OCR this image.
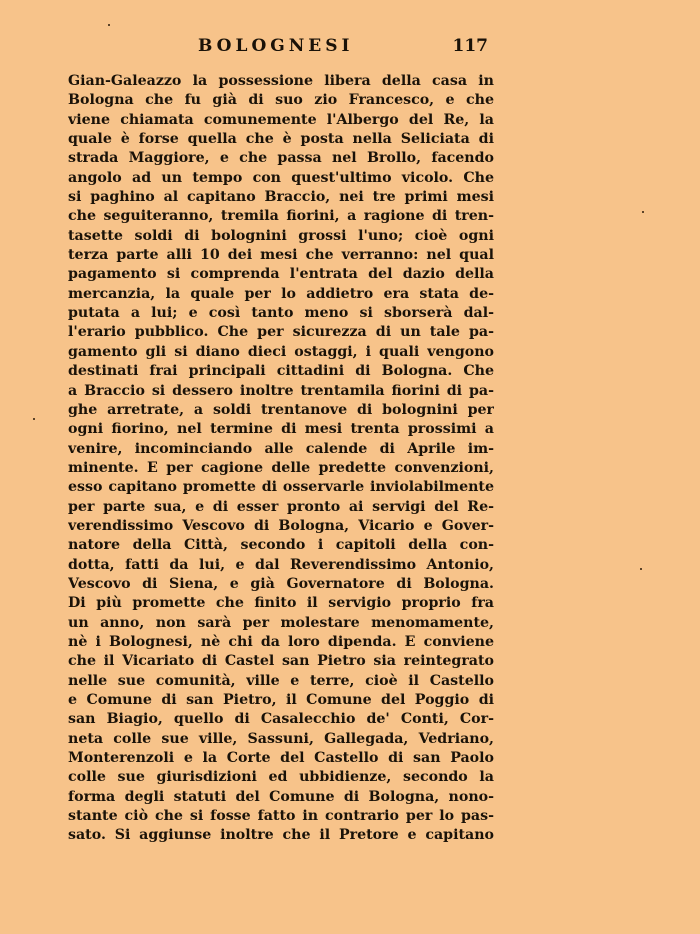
BOLOGNESI	117
Gian-Galeazzo la possessione libera della casa in
Bologna che fu già di suo zio Francesco, e che
viene chiamata comunemente l'Albergo del Re, la
quale è forse quella che è posta nella Seliciata di
strada Maggiore, e che passa nel Brollo, facendo
angolo ad un tempo con quest'ultimo vicolo. Che
si paghino al capitano Braccio, nei tre primi mesi
che seguiteranno, tremila fiorini, a ragione di tren-
tasette soldi di bolognini grossi l'uno; cioè ogni
terza parte alli 10 dei mesi che verranno: nel qual
pagamento si comprenda l'entrata del dazio della
mercanzia, la quale per lo addietro era stata de-
putata a lui; e così tanto meno si sborserà dal-
l'erario pubblico. Che per sicurezza di un tale pa-
gamento gli si diano dieci ostaggi, i quali vengono
destinati frai principali cittadini di Bologna. Che
a Braccio si dessero inoltre trentamila fiorini di pa-
ghe arretrate, a soldi trentanove di bolognini per
ogni fiorino, nel termine di mesi trenta prossimi a
venire, incominciando alle calende di Aprile im-
minente. E per cagione delle predette convenzioni,
esso capitano promette di osservarle inviolabilmente
per parte sua, e di esser pronto ai servigi del Re-
verendissimo Vescovo di Bologna, Vicario e Gover-
natore della Città, secondo i capitoli della con-
dotta, fatti da lui, e dal Reverendissimo Antonio,
Vescovo di Siena, e già Governatore di Bologna.
Di più promette che finito il servigio proprio fra
un anno, non sarà per molestare menomamente,
nè i Bolognesi, nè chi da loro dipenda. E conviene
che il Vicariato di Castel san Pietro sia reintegrato
nelle sue comunità, ville e terre, cioè il Castello
e Comune di san Pietro, il Comune del Poggio di
san Biagio, quello di Casalecchio de' Conti, Cor-
neta colle sue ville, Sassuni, Gallegada, Vedriano,
Monterenzoli e la Corte del Castello di san Paolo
colle sue giurisdizioni ed ubbidienze, secondo la
forma degli statuti del Comune di Bologna, nono-
stante ciò che si fosse fatto in contrario per lo pas-
sato. Si aggiunse inoltre che il Pretore e capitano
